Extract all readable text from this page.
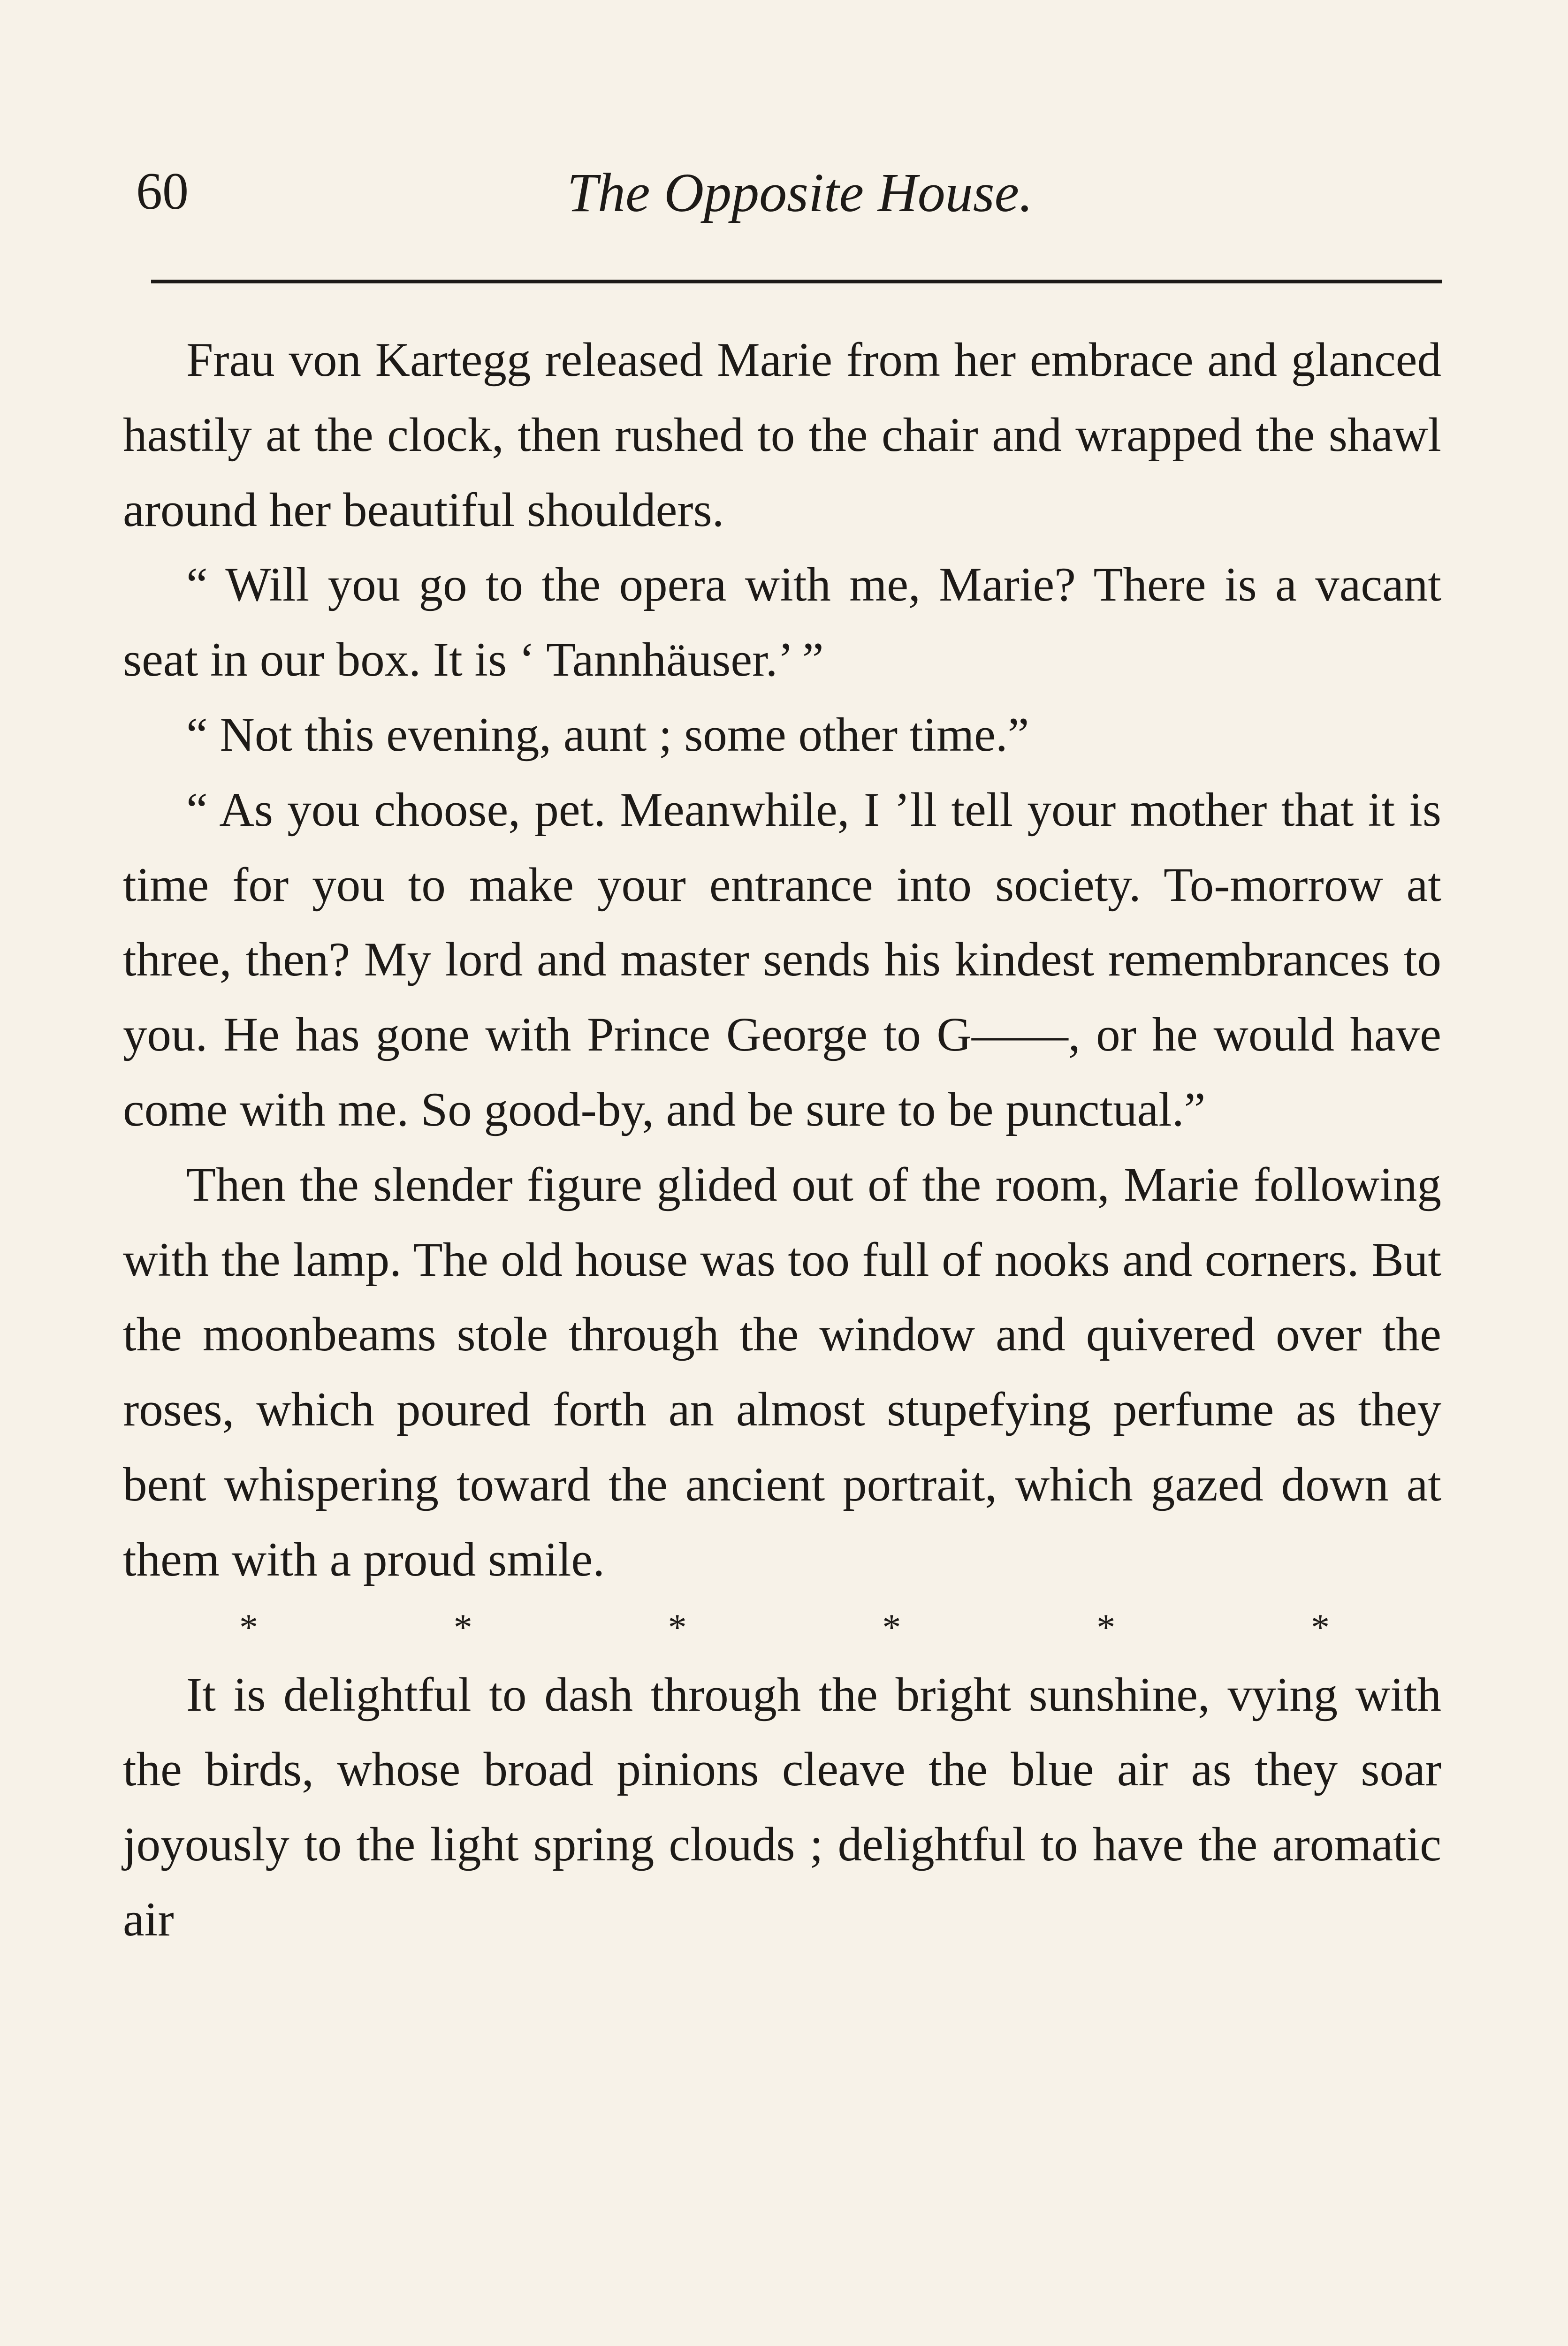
60	The Opposite House.

Frau von Kartegg released Marie from her embrace and glanced hastily at the clock, then rushed to the chair and wrapped the shawl around her beautiful shoulders.

“ Will you go to the opera with me, Marie? There is a vacant seat in our box. It is ‘ Tannhäuser.’ ”

“ Not this evening, aunt ; some other time.”

“ As you choose, pet. Meanwhile, I ’ll tell your mother that it is time for you to make your entrance into society. To-morrow at three, then? My lord and master sends his kindest remembrances to you. He has gone with Prince George to G——, or he would have come with me. So good-by, and be sure to be punctual.”

Then the slender figure glided out of the room, Marie following with the lamp. The old house was too full of nooks and corners. But the moonbeams stole through the window and quivered over the roses, which poured forth an almost stupefying perfume as they bent whispering toward the ancient portrait, which gazed down at them with a proud smile.

*	*	*	*	*	*

It is delightful to dash through the bright sunshine, vying with the birds, whose broad pinions cleave the blue air as they soar joyously to the light spring clouds ; delightful to have the aromatic air
